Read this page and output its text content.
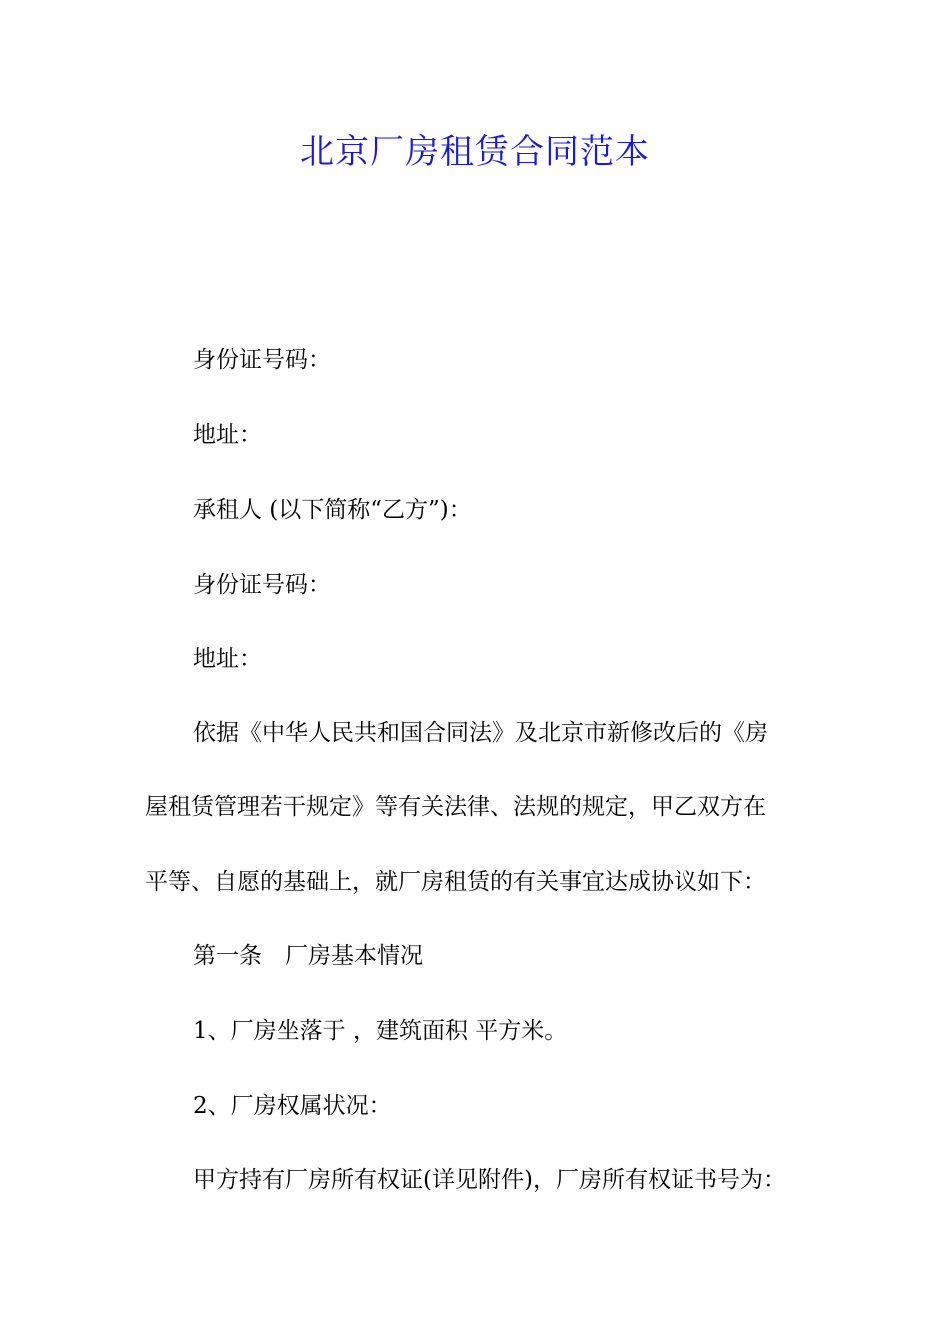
北京厂房租赁合同范本
身份证号码：
地址：
承租人 (以下简称“乙方”)：
身份证号码：
地址：
依据《中华人民共和国合同法》及北京市新修改后的《房
屋租赁管理若干规定》等有关法律、法规的规定，甲乙双方在
平等、自愿的基础上，就厂房租赁的有关事宜达成协议如下：
第一条　厂房基本情况
1、厂房坐落于 ，建筑面积 平方米。
2、厂房权属状况：
甲方持有厂房所有权证(详见附件)，厂房所有权证书号为：
